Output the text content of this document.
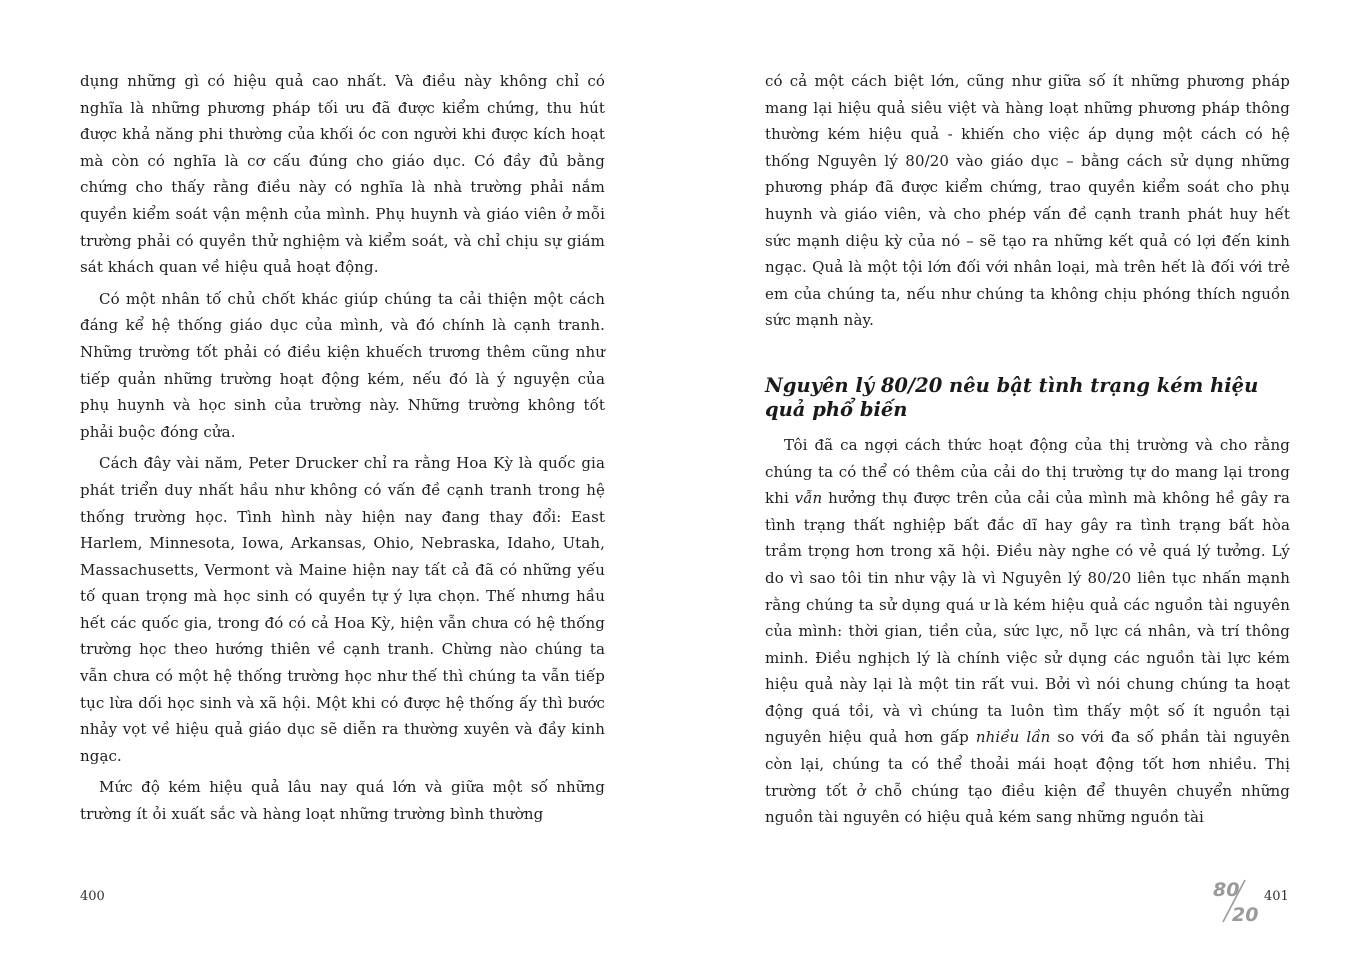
dụng những gì có hiệu quả cao nhất. Và điều này không chỉ có nghĩa là những phương pháp tối ưu đã được kiểm chứng, thu hút được khả năng phi thường của khối óc con người khi được kích hoạt mà còn có nghĩa là cơ cấu đúng cho giáo dục. Có đầy đủ bằng chứng cho thấy rằng điều này có nghĩa là nhà trường phải nắm quyền kiểm soát vận mệnh của mình. Phụ huynh và giáo viên ở mỗi trường phải có quyền thử nghiệm và kiểm soát, và chỉ chịu sự giám sát khách quan về hiệu quả hoạt động.

Có một nhân tố chủ chốt khác giúp chúng ta cải thiện một cách đáng kể hệ thống giáo dục của mình, và đó chính là cạnh tranh. Những trường tốt phải có điều kiện khuếch trương thêm cũng như tiếp quản những trường hoạt động kém, nếu đó là ý nguyện của phụ huynh và học sinh của trường này. Những trường không tốt phải buộc đóng cửa.

Cách đây vài năm, Peter Drucker chỉ ra rằng Hoa Kỳ là quốc gia phát triển duy nhất hầu như không có vấn đề cạnh tranh trong hệ thống trường học. Tình hình này hiện nay đang thay đổi: East Harlem, Minnesota, Iowa, Arkansas, Ohio, Nebraska, Idaho, Utah, Massachusetts, Vermont và Maine hiện nay tất cả đã có những yếu tố quan trọng mà học sinh có quyền tự ý lựa chọn. Thế nhưng hầu hết các quốc gia, trong đó có cả Hoa Kỳ, hiện vẫn chưa có hệ thống trường học theo hướng thiên về cạnh tranh. Chừng nào chúng ta vẫn chưa có một hệ thống trường học như thế thì chúng ta vẫn tiếp tục lừa dối học sinh và xã hội. Một khi có được hệ thống ấy thì bước nhảy vọt về hiệu quả giáo dục sẽ diễn ra thường xuyên và đầy kinh ngạc.

Mức độ kém hiệu quả lâu nay quá lớn và giữa một số những trường ít ỏi xuất sắc và hàng loạt những trường bình thường

có cả một cách biệt lớn, cũng như giữa số ít những phương pháp mang lại hiệu quả siêu việt và hàng loạt những phương pháp thông thường kém hiệu quả - khiến cho việc áp dụng một cách có hệ thống Nguyên lý 80/20 vào giáo dục – bằng cách sử dụng những phương pháp đã được kiểm chứng, trao quyền kiểm soát cho phụ huynh và giáo viên, và cho phép vấn đề cạnh tranh phát huy hết sức mạnh diệu kỳ của nó – sẽ tạo ra những kết quả có lợi đến kinh ngạc. Quả là một tội lớn đối với nhân loại, mà trên hết là đối với trẻ em của chúng ta, nếu như chúng ta không chịu phóng thích nguồn sức mạnh này.

Nguyên lý 80/20 nêu bật tình trạng kém hiệu quả phổ biến

Tôi đã ca ngợi cách thức hoạt động của thị trường và cho rằng chúng ta có thể có thêm của cải do thị trường tự do mang lại trong khi vẫn hưởng thụ được trên của cải của mình mà không hề gây ra tình trạng thất nghiệp bất đắc dĩ hay gây ra tình trạng bất hòa trầm trọng hơn trong xã hội. Điều này nghe có vẻ quá lý tưởng. Lý do vì sao tôi tin như vậy là vì Nguyên lý 80/20 liên tục nhấn mạnh rằng chúng ta sử dụng quá ư là kém hiệu quả các nguồn tài nguyên của mình: thời gian, tiền của, sức lực, nỗ lực cá nhân, và trí thông minh. Điều nghịch lý là chính việc sử dụng các nguồn tài lực kém hiệu quả này lại là một tin rất vui. Bởi vì nói chung chúng ta hoạt động quá tồi, và vì chúng ta luôn tìm thấy một số ít nguồn tại nguyên hiệu quả hơn gấp nhiều lần so với đa số phần tài nguyên còn lại, chúng ta có thể thoải mái hoạt động tốt hơn nhiều. Thị trường tốt ở chỗ chúng tạo điều kiện để thuyên chuyển những nguồn tài nguyên có hiệu quả kém sang những nguồn tài

400	80
20
401
